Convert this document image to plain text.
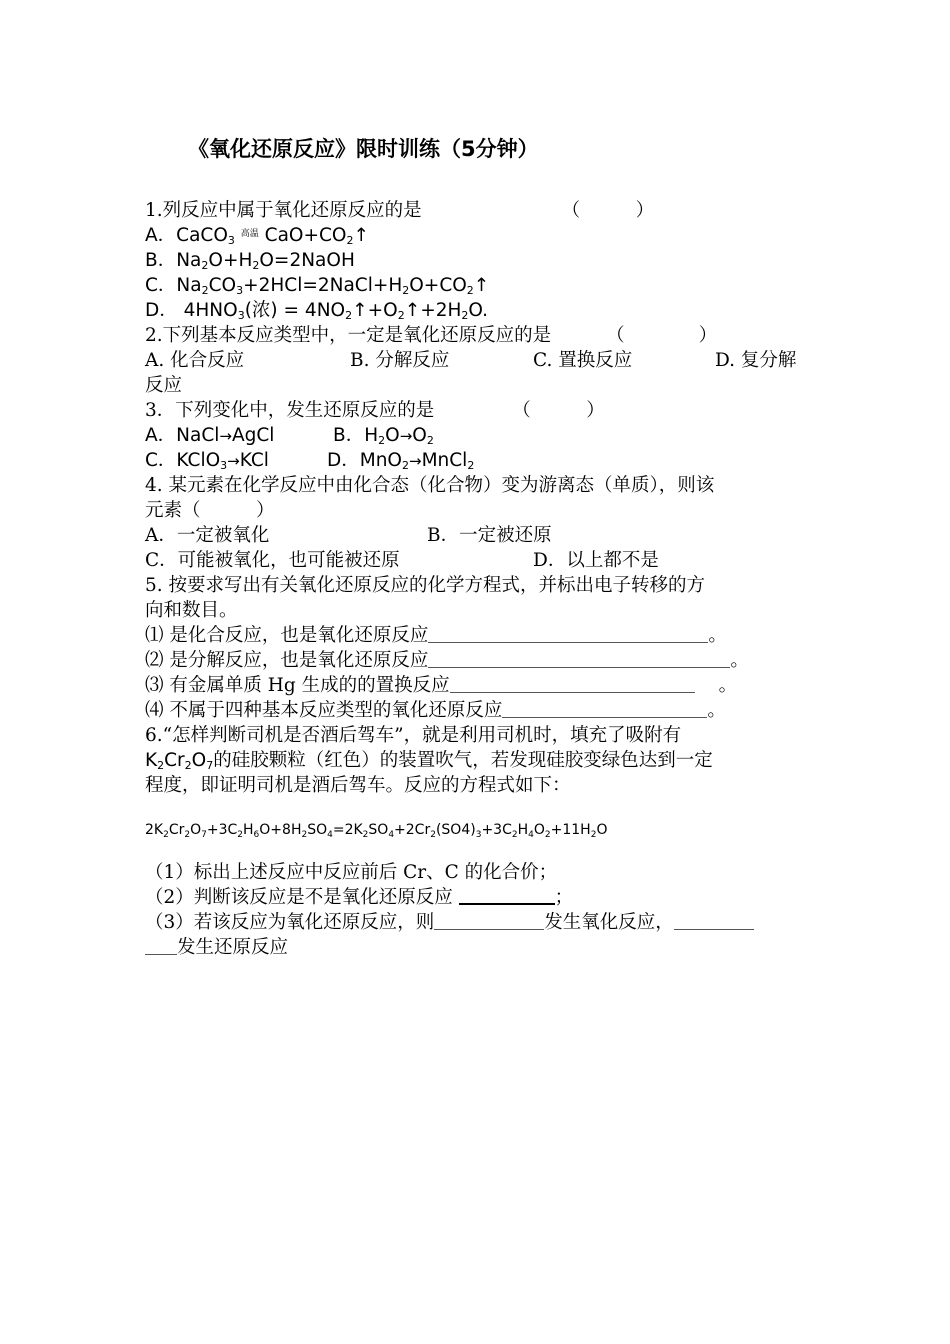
《氧化还原反应》限时训练（5分钟）
1.列反应中属于氧化还原反应的是	（　　　）
A．CaCO$_3$ $^{高温}$ $CaO+CO_2↑$
B．$Na_2O+H_2O=2NaOH$
C．$Na_2CO_3+2HCl=2NaCl+H_2O+CO_2↑$
D． $4HNO_3$(浓) = $4NO_2↑+O_2↑+2H_2O$.
2.下列基本反应类型中，一定是氧化还原反应的是	（　　　　）
A. 化合反应	B. 分解反应	C. 置换反应	D. 复分解
反应
3．下列变化中，发生还原反应的是	（　　　）
A．NaCl→AgCl	B．$H_2O\to O_2$
C．KClO$_3$→KCl	D．MnO$_2$→MnCl$_2$
4. 某元素在化学反应中由化合态（化合物）变为游离态（单质），则该
元素（　　　）
A．一定被氧化	B．一定被还原
C．可能被氧化，也可能被还原	D．以上都不是
5. 按要求写出有关氧化还原反应的化学方程式，并标出电子转移的方
向和数目。
⑴ 是化合反应，也是氧化还原反应	。
⑵ 是分解反应，也是氧化还原反应	。
⑶ 有金属单质 Hg 生成的的置换反应	。
⑷ 不属于四种基本反应类型的氧化还原反应	。
6.“怎样判断司机是否酒后驾车”，就是利用司机时，填充了吸附有
$K_2Cr_2O_7$的硅胶颗粒（红色）的装置吹气，若发现硅胶变绿色达到一定
程度，即证明司机是酒后驾车。反应的方程式如下：
$2K_2Cr_2O_7+3C_2H_6O+8H_2SO_4=2K_2SO_4+2Cr_2(SO4)_3+3C_2H_4O_2+11H_2O$
（1）标出上述反应中反应前后 Cr、C 的化合价；
（2）判断该反应是不是氧化还原反应	；
（3）若该反应为氧化还原反应，则	发生氧化反应，
发生还原反应
